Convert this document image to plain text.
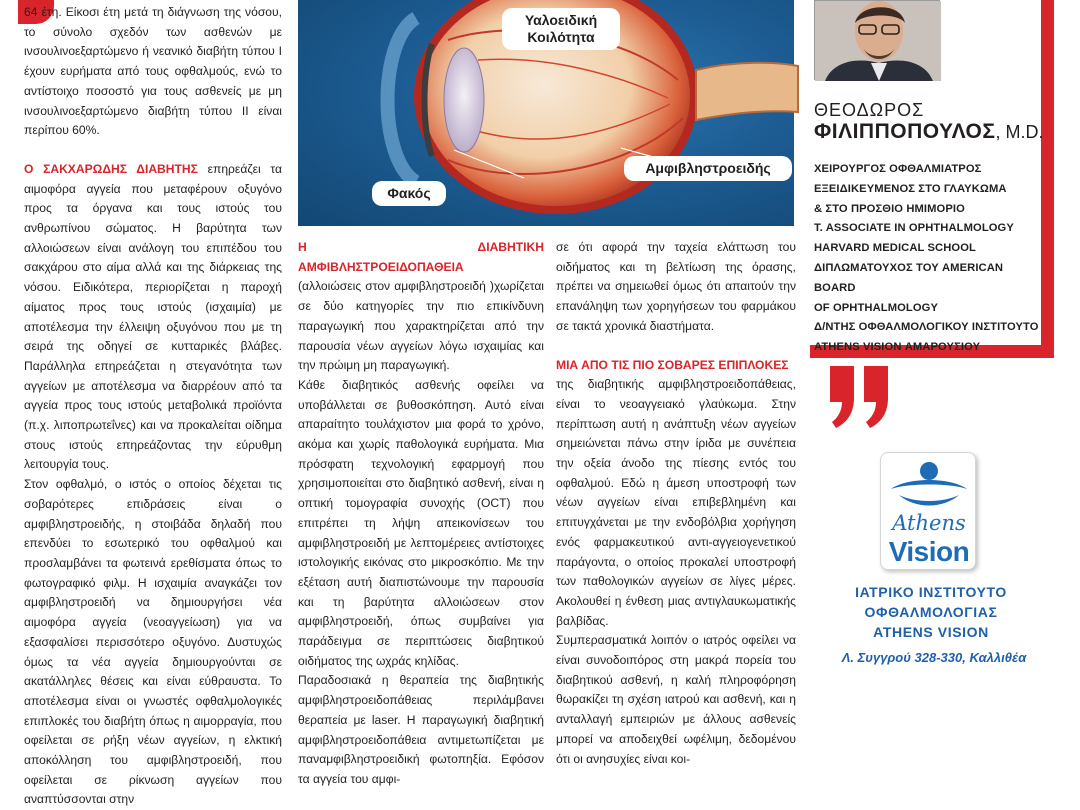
64 έτη. Είκοσι έτη μετά τη διάγνωση της νόσου, το σύνολο σχεδόν των ασθενών με ινσουλινοεξαρτώμενο ή νεανικό διαβήτη τύπου Ι έχουν ευρήματα από τους οφθαλμούς, ενώ το αντίστοιχο ποσοστό για τους ασθενείς με μη ινσουλινοεξαρτώμενο διαβήτη τύπου ΙΙ είναι περίπου 60%.

Ο ΣΑΚΧΑΡΩΔΗΣ ΔΙΑΒΗΤΗΣ επηρεάζει τα αιμοφόρα αγγεία που μεταφέρουν οξυγόνο προς τα όργανα και τους ιστούς του ανθρωπίνου σώματος. Η βαρύτητα των αλλοιώσεων είναι ανάλογη του επιπέδου του σακχάρου στο αίμα αλλά και της διάρκειας της νόσου. Ειδικότερα, περιορίζεται η παροχή αίματος προς τους ιστούς (ισχαιμία) με αποτέλεσμα την έλλειψη οξυγόνου που με τη σειρά της οδηγεί σε κυτταρικές βλάβες. Παράλληλα επηρεάζεται η στεγανότητα των αγγείων με αποτέλεσμα να διαρρέουν από τα αγγεία προς τους ιστούς μεταβολικά προϊόντα (π.χ. λιποπρωτεΐνες) και να προκαλείται οίδημα στους ιστούς επηρεάζοντας την εύρυθμη λειτουργία τους.

Στον οφθαλμό, ο ιστός ο οποίος δέχεται τις σοβαρότερες επιδράσεις είναι ο αμφιβληστροειδής, η στοιβάδα δηλαδή που επενδύει το εσωτερικό του οφθαλμού και προσλαμβάνει τα φωτεινά ερεθίσματα όπως το φωτογραφικό φιλμ. Η ισχαιμία αναγκάζει τον αμφιβληστροειδή να δημιουργήσει νέα αιμοφόρα αγγεία (νεοαγγείωση) για να εξασφαλίσει περισσότερο οξυγόνο. Δυστυχώς όμως τα νέα αγγεία δημιουργούνται σε ακατάλληλες θέσεις και είναι εύθραυστα. Το αποτέλεσμα είναι οι γνωστές οφθαλμολογικές επιπλοκές του διαβήτη όπως η αιμορραγία, που οφείλεται σε ρήξη νέων αγγείων, η ελκτική αποκόλληση του αμφιβληστροειδή, που οφείλεται σε ρίκνωση αγγείων που αναπτύσσονται στην

Υαλοειδική Κοιλότητα
Αμφιβληστροειδής
Φακός

Η ΔΙΑΒΗΤΙΚΗ ΑΜΦΙΒΛΗΣΤΡΟΕΙΔΟΠΑΘΕΙΑ
(αλλοιώσεις στον αμφιβληστροειδή )χωρίζεται σε δύο κατηγορίες την πιο επικίνδυνη παραγωγική που χαρακτηρίζεται από την παρουσία νέων αγγείων λόγω ισχαιμίας και την πρώιμη μη παραγωγική.

Κάθε διαβητικός ασθενής οφείλει να υποβάλλεται σε βυθοσκόπηση. Αυτό είναι απαραίτητο τουλάχιστον μια φορά το χρόνο, ακόμα και χωρίς παθολογικά ευρήματα. Μια πρόσφατη τεχνολογική εφαρμογή που χρησιμοποιείται στο διαβητικό ασθενή, είναι η οπτική τομογραφία συνοχής (OCT) που επιτρέπει τη λήψη απεικονίσεων του αμφιβληστροειδή με λεπτομέρειες αντίστοιχες ιστολογικής εικόνας στο μικροσκόπιο. Με την εξέταση αυτή διαπιστώνουμε την παρουσία και τη βαρύτητα αλλοιώσεων στον αμφιβληστροειδή, όπως συμβαίνει για παράδειγμα σε περιπτώσεις διαβητικού οιδήματος της ωχράς κηλίδας.

Παραδοσιακά η θεραπεία της διαβητικής αμφιβληστροειδοπάθειας περιλάμβανει θεραπεία με laser. Η παραγωγική διαβητική αμφιβληστροειδοπάθεια αντιμετωπίζεται με παναμφιβληστροειδική φωτοπηξία. Εφόσον τα αγγεία του αμφι-

σε ότι αφορά την ταχεία ελάττωση του οιδήματος και τη βελτίωση της όρασης, πρέπει να σημειωθεί όμως ότι απαιτούν την επανάληψη των χορηγήσεων του φαρμάκου σε τακτά χρονικά διαστήματα.

ΜΙΑ ΑΠΟ ΤΙΣ ΠΙΟ ΣΟΒΑΡΕΣ ΕΠΙΠΛΟΚΕΣ
της διαβητικής αμφιβληστροειδοπάθειας, είναι το νεοαγγειακό γλαύκωμα. Στην περίπτωση αυτή η ανάπτυξη νέων αγγείων σημειώνεται πάνω στην ίριδα με συνέπεια την οξεία άνοδο της πίεσης εντός του οφθαλμού. Εδώ η άμεση υποστροφή των νέων αγγείων είναι επιβεβλημένη και επιτυγχάνεται με την ενδοβόλβια χορήγηση ενός φαρμακευτικού αντι-αγγειογενετικού παράγοντα, ο οποίος προκαλεί υποστροφή των παθολογικών αγγείων σε λίγες μέρες. Ακολουθεί η ένθεση μιας αντιγλαυκωματικής βαλβίδας.

Συμπερασματικά λοιπόν ο ιατρός οφείλει να είναι συνοδοιπόρος στη μακρά πορεία του διαβητικού ασθενή, η καλή πληροφόρηση θωρακίζει τη σχέση ιατρού και ασθενή, και η ανταλλαγή εμπειριών με άλλους ασθενείς μπορεί να αποδειχθεί ωφέλιμη, δεδομένου ότι οι ανησυχίες είναι κοι-

ΘΕΟΔΩΡΟΣ
ΦΙΛΙΠΠΟΠΟΥΛΟΣ, M.D.
ΧΕΙΡΟΥΡΓΟΣ ΟΦΘΑΛΜΙΑΤΡΟΣ
ΕΞΕΙΔΙΚΕΥΜΕΝΟΣ ΣΤΟ ΓΛΑΥΚΩΜΑ
& ΣΤΟ ΠΡΟΣΘΙΟ ΗΜΙΜΟΡΙΟ
T. ASSOCIATE IN OPHTHALMOLOGY
HARVARD MEDICAL SCHOOL
ΔΙΠΛΩΜΑΤΟΥΧΟΣ ΤΟΥ AMERICAN BOARD
OF OPHTHALMOLOGY
Δ/ΝΤΗΣ ΟΦΘΑΛΜΟΛΟΓΙΚΟΥ ΙΝΣΤΙΤΟΥΤΟ
ATHENS VISION ΑΜΑΡΟΥΣΙΟΥ
Athens
Vision
ΙΑΤΡΙΚΟ ΙΝΣΤΙΤΟΥΤΟ
ΟΦΘΑΛΜΟΛΟΓΙΑΣ
ATHENS VISION
Λ. Συγγρού 328-330, Καλλιθέα
